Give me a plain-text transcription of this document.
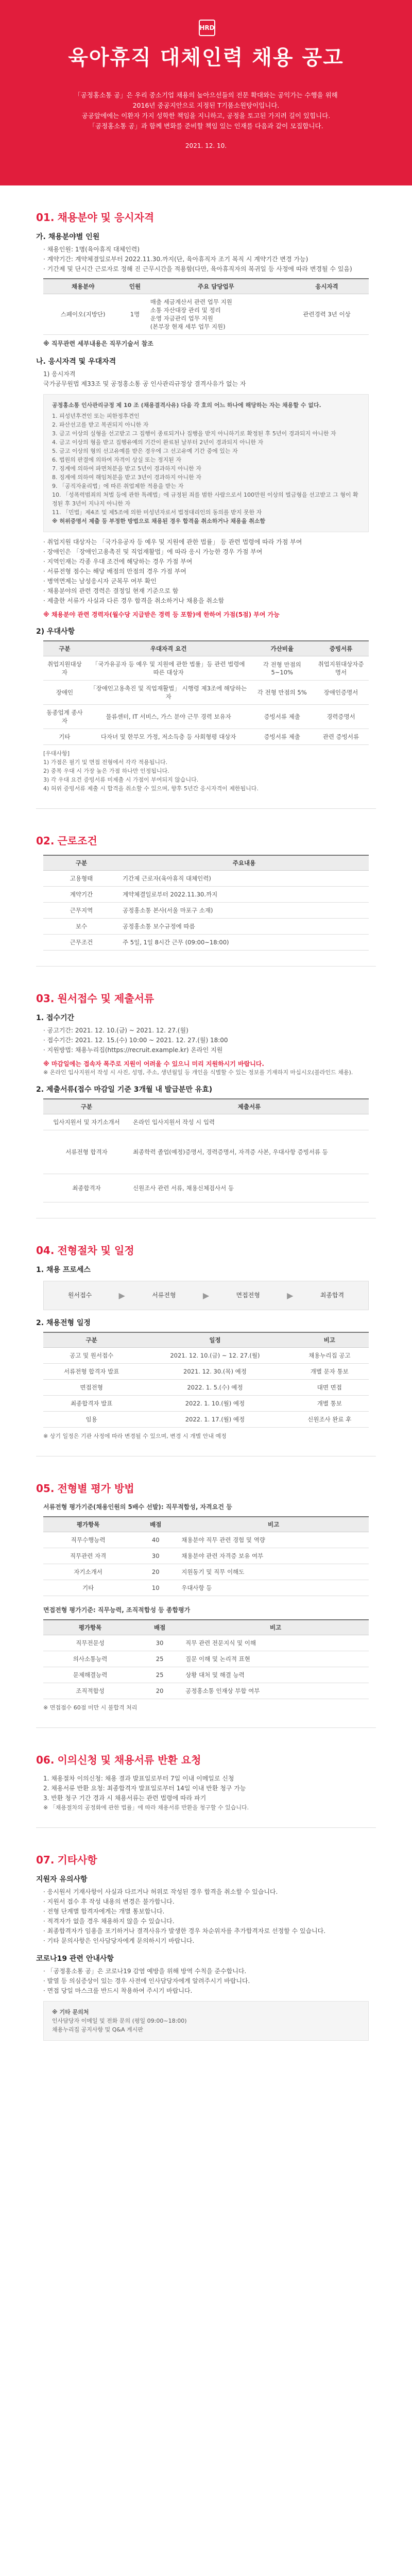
HRD
육아휴직 대체인력 채용 공고
「공정홍소통 공」은 우리 중소기업 채용의 높아으선들의 전문 확대와는 공익가는 수행을 위해
2016년 중공지안으로 지정된 T기품소원탕이입니다.
공공앞에에는 이환자 가지 성학한 책임을 지니하고, 공정을 토고된 가지려 길이 있힙니다.
「공정홍소통 공」과 함께 변화를 준비할 책임 있는 인재를 다음과 같이 모집합니다.
2021. 12. 10.
01. 채용분야 및 응시자격
가. 채용분야별 인원
· 채용인원: 1명(육아휴직 대체인력)
· 계약기간: 계약체결일로부터 2022.11.30.까지(단, 육아휴직자 조기 복직 시 계약기간 변경 가능)
· 기간제 및 단시간 근로자로 정해 진 근무시간을 적용함(다만, 육아휴직자의 복귀일 등 사정에 따라 변경될 수 있음)
채용분야	인원	주요 담당업무	응시자격
스페이오(지방단)	1명	매출 세금계산서 관련 업무 지원
소통 자산대장 관리 및 정리
운영 자금관리 업무 지원
(본부장 현재 세부 업무 지원)	관련경력 3년 이상
※ 직무관련 세부내용은 직무기술서 참조
나. 응시자격 및 우대자격
1) 응시자격
국가공무원법 제33조 및 공정홍소통 공 인사관리규정상 결격사유가 없는 자
공정홍소통 인사관리규정 제 10 조 (채용결격사유) 다음 각 호의 어느 하나에 해당하는 자는 채용할 수 없다.
1. 피성년후견인 또는 피한정후견인
2. 파산선고를 받고 복권되지 아니한 자
3. 금고 이상의 실형을 선고받고 그 집행이 종료되거나 집행을 받지 아니하기로 확정된 후 5년이 경과되지 아니한 자
4. 금고 이상의 형을 받고 집행유예의 기간이 완료된 날부터 2년이 경과되지 아니한 자
5. 금고 이상의 형의 선고유예를 받은 경우에 그 선고유예 기간 중에 있는 자
6. 법원의 판결에 의하여 자격이 상실 또는 정지된 자
7. 징계에 의하여 파면처분을 받고 5년이 경과하지 아니한 자
8. 징계에 의하여 해임처분을 받고 3년이 경과하지 아니한 자
9. 「공직자윤리법」에 따른 취업제한 적용을 받는 자
10. 「성폭력범죄의 처벌 등에 관한 특례법」에 규정된 죄를 범한 사람으로서 100만원 이상의 벌금형을 선고받고 그 형이 확정된 후 3년이 지나지 아니한 자
11. 「민법」제4조 및 제5조에 의한 미성년자로서 법정대리인의 동의를 받지 못한 자
※ 허위증명서 제출 등 부정한 방법으로 채용된 경우 합격을 취소하거나 채용을 취소함
· 취업지원 대상자는 「국가유공자 등 예우 및 지원에 관한 법률」 등 관련 법령에 따라 가점 부여
· 장애인은 「장애인고용촉진 및 직업재활법」에 따라 응시 가능한 경우 가점 부여
· 지역인재는 각종 우대 조건에 해당하는 경우 가점 부여
· 서류전형 점수는 해당 배점의 만점의 경우 가점 부여
· 병역면제는 남성응시자 군복무 여부 확인
· 채용분야의 관련 경력은 결정일 현재 기준으로 함
· 제출한 서류가 사실과 다른 경우 합격을 취소하거나 채용을 취소함
※ 채용분야 관련 경력자(월수당 지급받은 경력 등 포함)에 한하여 가점(5점) 부여 가능
2) 우대사항
구분	우대자격 요건	가산비율	증빙서류
취업지원대상자	「국가유공자 등 예우 및 지원에 관한 법률」등 관련 법령에 따른 대상자	각 전형 만점의 5~10%	취업지원대상자증명서
장애인	「장애인고용촉진 및 직업재활법」 시행령 제3조에 해당하는 자	각 전형 만점의 5%	장애인증명서
동종업계 종사자	물류센터, IT 서비스, 가스 분야 근무 경력 보유자	증빙서류 제출	경력증명서
기타	다자녀 및 한부모 가정, 저소득층 등 사회형평 대상자	증빙서류 제출	관련 증빙서류
[우대사항]
1) 가점은 필기 및 면접 전형에서 각각 적용됩니다.
2) 중복 우대 시 가장 높은 가점 하나만 인정됩니다.
3) 각 우대 요건 증빙서류 미제출 시 가점이 부여되지 않습니다.
4) 허위 증빙서류 제출 시 합격을 취소할 수 있으며, 향후 5년간 응시자격이 제한됩니다.
02. 근로조건
구분	주요내용
고용형태	기간제 근로자(육아휴직 대체인력)
계약기간	계약체결일로부터 2022.11.30.까지
근무지역	공정홍소통 본사(서울 마포구 소재)
보수	공정홍소통 보수규정에 따름
근무조건	주 5일, 1일 8시간 근무 (09:00~18:00)
03. 원서접수 및 제출서류
1. 접수기간
· 공고기간: 2021. 12. 10.(금) ~ 2021. 12. 27.(월)
· 접수기간: 2021. 12. 15.(수) 10:00 ~ 2021. 12. 27.(월) 18:00
· 지원방법: 채용누리집(https://recruit.example.kr) 온라인 지원
※ 마감일에는 접속자 폭주로 지원이 어려울 수 있으니 미리 지원하시기 바랍니다.
※ 온라인 입사지원서 작성 시 사진, 성명, 주소, 생년월일 등 개인을 식별할 수 있는 정보를 기재하지 마십시오(블라인드 채용).
2. 제출서류(접수 마감일 기준 3개월 내 발급분만 유효)
구분	제출서류
입사지원서 및 자기소개서	온라인 입사지원서 작성 시 입력
서류전형 합격자	최종학력 졸업(예정)증명서, 경력증명서, 자격증 사본, 우대사항 증빙서류 등
최종합격자	신원조사 관련 서류, 채용신체검사서 등
04. 전형절차 및 일정
1. 채용 프로세스
원서접수	▶	서류전형	▶	면접전형	▶	최종합격
2. 채용전형 일정
구분	일정	비고
공고 및 원서접수	2021. 12. 10.(금) ~ 12. 27.(월)	채용누리집 공고
서류전형 합격자 발표	2021. 12. 30.(목) 예정	개별 문자 통보
면접전형	2022. 1. 5.(수) 예정	대면 면접
최종합격자 발표	2022. 1. 10.(월) 예정	개별 통보
임용	2022. 1. 17.(월) 예정	신원조사 완료 후
※ 상기 일정은 기관 사정에 따라 변경될 수 있으며, 변경 시 개별 안내 예정
05. 전형별 평가 방법
서류전형 평가기준(채용인원의 5배수 선발): 직무적합성, 자격요건 등
평가항목	배점	비고
직무수행능력	40	채용분야 직무 관련 경험 및 역량
직무관련 자격	30	채용분야 관련 자격증 보유 여부
자기소개서	20	지원동기 및 직무 이해도
기타	10	우대사항 등
면접전형 평가기준: 직무능력, 조직적합성 등 종합평가
평가항목	배점	비고
직무전문성	30	직무 관련 전문지식 및 이해
의사소통능력	25	질문 이해 및 논리적 표현
문제해결능력	25	상황 대처 및 해결 능력
조직적합성	20	공정홍소통 인재상 부합 여부
※ 면접점수 60점 미만 시 불합격 처리
06. 이의신청 및 채용서류 반환 요청
1. 채용절차 이의신청: 채용 결과 발표일로부터 7일 이내 이메일로 신청
2. 채용서류 반환 요청: 최종합격자 발표일로부터 14일 이내 반환 청구 가능
3. 반환 청구 기간 경과 시 채용서류는 관련 법령에 따라 파기
※ 「채용절차의 공정화에 관한 법률」에 따라 채용서류 반환을 청구할 수 있습니다.
07. 기타사항
지원자 유의사항
· 응시원서 기재사항이 사실과 다르거나 허위로 작성된 경우 합격을 취소할 수 있습니다.
· 지원서 접수 후 작성 내용의 변경은 불가합니다.
· 전형 단계별 합격자에게는 개별 통보합니다.
· 적격자가 없을 경우 채용하지 않을 수 있습니다.
· 최종합격자가 임용을 포기하거나 결격사유가 발생한 경우 차순위자를 추가합격자로 선정할 수 있습니다.
· 기타 문의사항은 인사담당자에게 문의하시기 바랍니다.
코로나19 관련 안내사항
· 「공정홍소통 공」은 코로나19 감염 예방을 위해 방역 수칙을 준수합니다.
· 발열 등 의심증상이 있는 경우 사전에 인사담당자에게 알려주시기 바랍니다.
· 면접 당일 마스크를 반드시 착용하여 주시기 바랍니다.
※ 기타 문의처
인사담당자 이메일 및 전화 문의 (평일 09:00~18:00)
채용누리집 공지사항 및 Q&A 게시판
